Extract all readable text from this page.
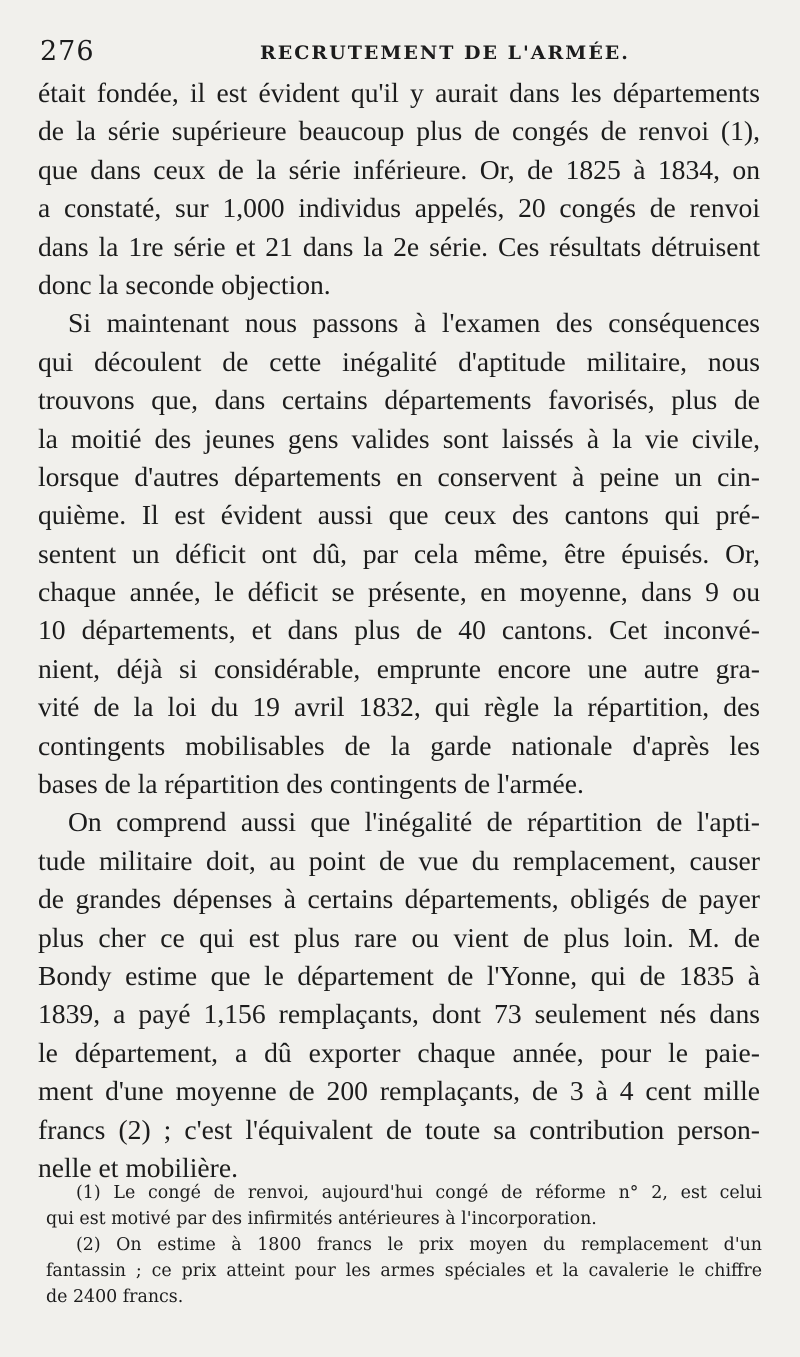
276	RECRUTEMENT DE L'ARMÉE.
était fondée, il est évident qu'il y aurait dans les départements
de la série supérieure beaucoup plus de congés de renvoi (1),
que dans ceux de la série inférieure. Or, de 1825 à 1834, on
a constaté, sur 1,000 individus appelés, 20 congés de renvoi
dans la 1re série et 21 dans la 2e série. Ces résultats détruisent
donc la seconde objection.
Si maintenant nous passons à l'examen des conséquences
qui découlent de cette inégalité d'aptitude militaire, nous
trouvons que, dans certains départements favorisés, plus de
la moitié des jeunes gens valides sont laissés à la vie civile,
lorsque d'autres départements en conservent à peine un cin-
quième. Il est évident aussi que ceux des cantons qui pré-
sentent un déficit ont dû, par cela même, être épuisés. Or,
chaque année, le déficit se présente, en moyenne, dans 9 ou
10 départements, et dans plus de 40 cantons. Cet inconvé-
nient, déjà si considérable, emprunte encore une autre gra-
vité de la loi du 19 avril 1832, qui règle la répartition, des
contingents mobilisables de la garde nationale d'après les
bases de la répartition des contingents de l'armée.
On comprend aussi que l'inégalité de répartition de l'apti-
tude militaire doit, au point de vue du remplacement, causer
de grandes dépenses à certains départements, obligés de payer
plus cher ce qui est plus rare ou vient de plus loin. M. de
Bondy estime que le département de l'Yonne, qui de 1835 à
1839, a payé 1,156 remplaçants, dont 73 seulement nés dans
le département, a dû exporter chaque année, pour le paie-
ment d'une moyenne de 200 remplaçants, de 3 à 4 cent mille
francs (2) ; c'est l'équivalent de toute sa contribution person-
nelle et mobilière.
(1) Le congé de renvoi, aujourd'hui congé de réforme n° 2, est celui
qui est motivé par des infirmités antérieures à l'incorporation.
(2) On estime à 1800 francs le prix moyen du remplacement d'un
fantassin ; ce prix atteint pour les armes spéciales et la cavalerie le chiffre
de 2400 francs.
